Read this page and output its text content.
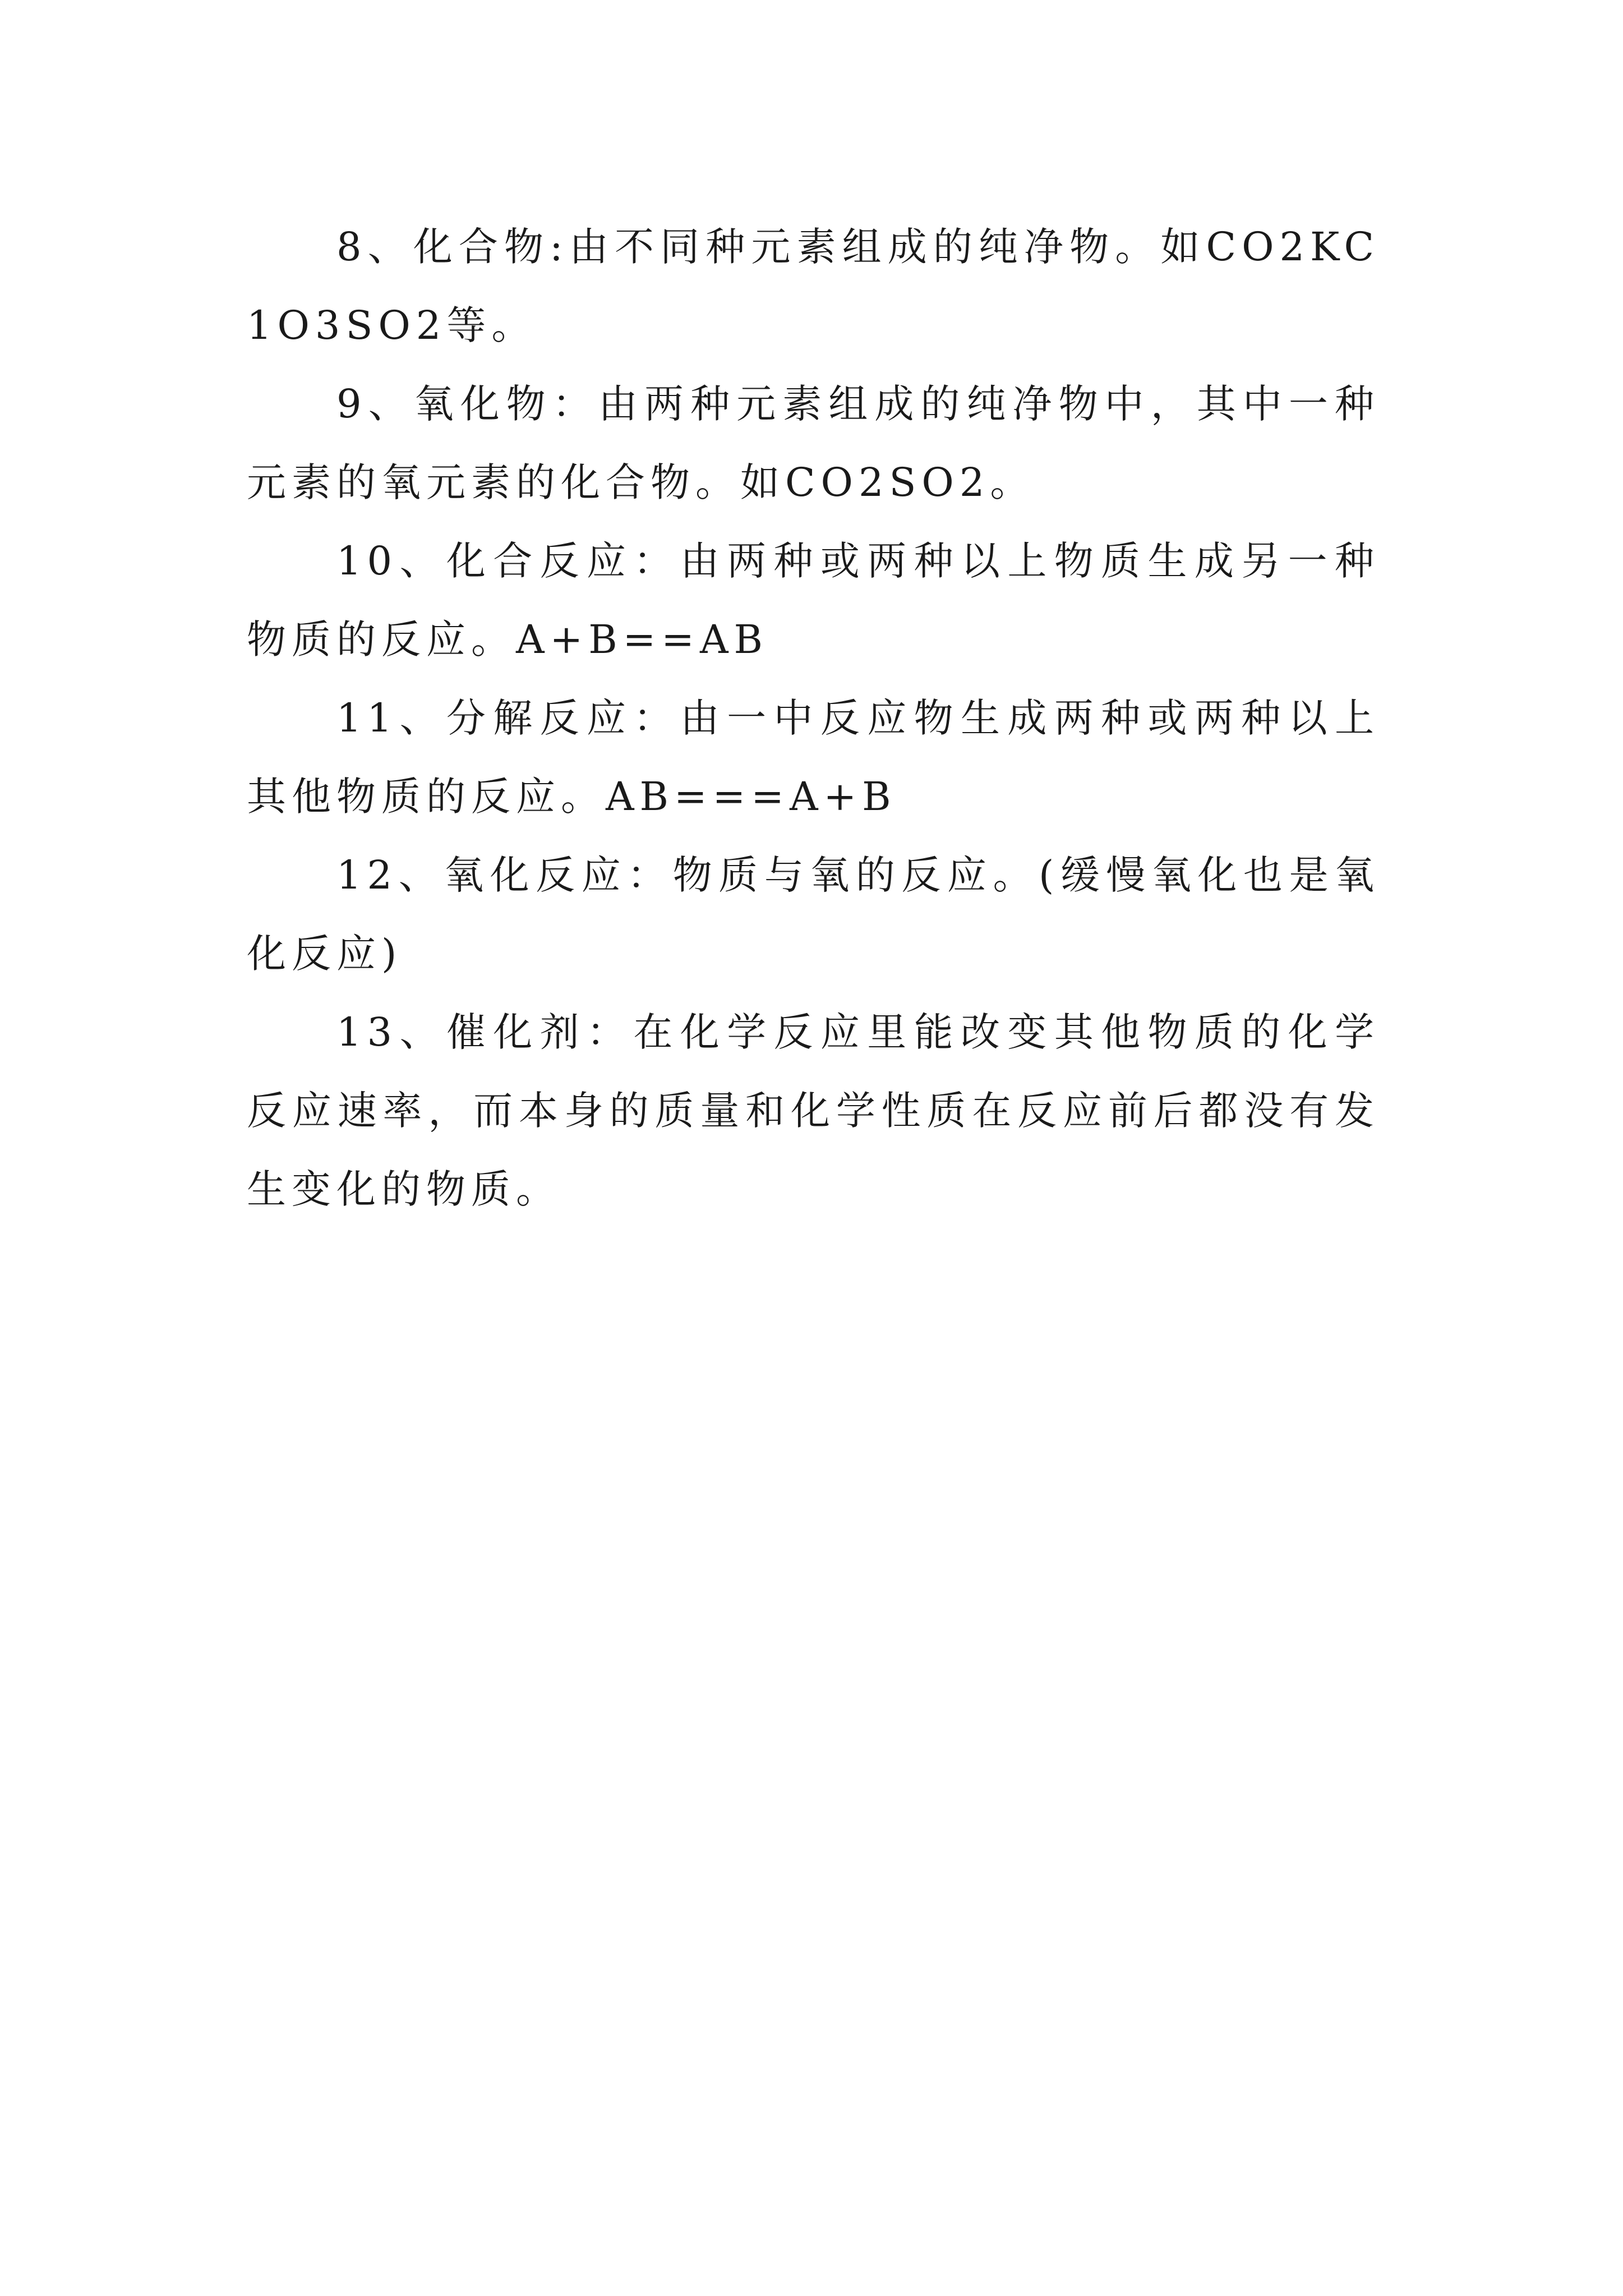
8、化合物:由不同种元素组成的纯净物。如CO2KC1O3SO2等。

9、氧化物：由两种元素组成的纯净物中，其中一种元素的氧元素的化合物。如CO2SO2。

10、化合反应：由两种或两种以上物质生成另一种物质的反应。A+B==AB

11、分解反应：由一中反应物生成两种或两种以上其他物质的反应。AB===A+B

12、氧化反应：物质与氧的反应。(缓慢氧化也是氧化反应)

13、催化剂：在化学反应里能改变其他物质的化学反应速率，而本身的质量和化学性质在反应前后都没有发生变化的物质。
